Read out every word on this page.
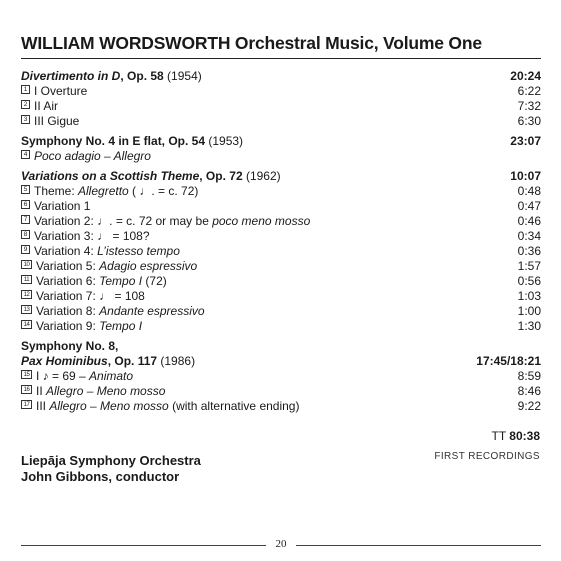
WILLIAM WORDSWORTH Orchestral Music, Volume One
Divertimento in D, Op. 58 (1954)	20:24
1 I Overture	6:22
2 II Air	7:32
3 III Gigue	6:30
Symphony No. 4 in E flat, Op. 54 (1953)	23:07
4 Poco adagio – Allegro
Variations on a Scottish Theme, Op. 72 (1962)	10:07
5 Theme: Allegretto ( ♩. = c. 72)	0:48
6 Variation 1	0:47
7 Variation 2: ♩. = c. 72 or may be poco meno mosso	0:46
8 Variation 3: ♩ = 108?	0:34
9 Variation 4: L’istesso tempo	0:36
10 Variation 5: Adagio espressivo	1:57
11 Variation 6: Tempo I (72)	0:56
12 Variation 7: ♩ = 108	1:03
13 Variation 8: Andante espressivo	1:00
14 Variation 9: Tempo I	1:30
Symphony No. 8,
Pax Hominibus, Op. 117 (1986)	17:45/18:21
15 I ♪ = 69 – Animato	8:59
16 II Allegro – Meno mosso	8:46
17 III Allegro – Meno mosso (with alternative ending)	9:22
TT 80:38
FIRST RECORDINGS
Liepāja Symphony Orchestra
John Gibbons, conductor
20
